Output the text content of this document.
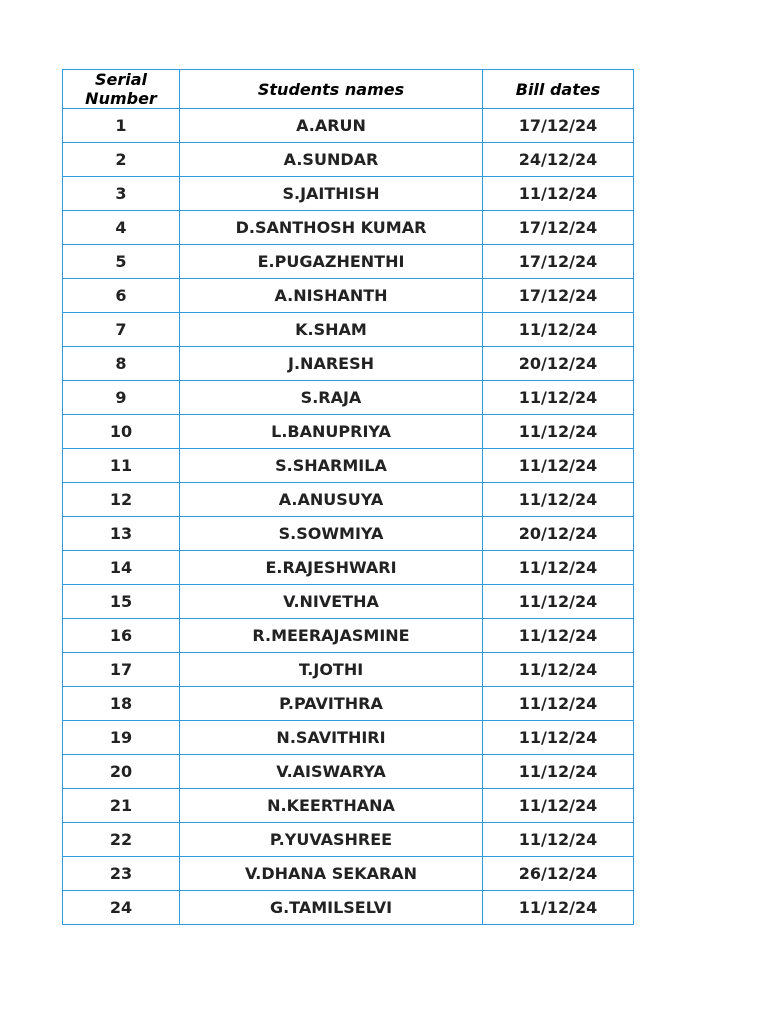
Serial
Number	Students names	Bill dates
1	A.ARUN	17/12/24
2	A.SUNDAR	24/12/24
3	S.JAITHISH	11/12/24
4	D.SANTHOSH KUMAR	17/12/24
5	E.PUGAZHENTHI	17/12/24
6	A.NISHANTH	17/12/24
7	K.SHAM	11/12/24
8	J.NARESH	20/12/24
9	S.RAJA	11/12/24
10	L.BANUPRIYA	11/12/24
11	S.SHARMILA	11/12/24
12	A.ANUSUYA	11/12/24
13	S.SOWMIYA	20/12/24
14	E.RAJESHWARI	11/12/24
15	V.NIVETHA	11/12/24
16	R.MEERAJASMINE	11/12/24
17	T.JOTHI	11/12/24
18	P.PAVITHRA	11/12/24
19	N.SAVITHIRI	11/12/24
20	V.AISWARYA	11/12/24
21	N.KEERTHANA	11/12/24
22	P.YUVASHREE	11/12/24
23	V.DHANA SEKARAN	26/12/24
24	G.TAMILSELVI	11/12/24
